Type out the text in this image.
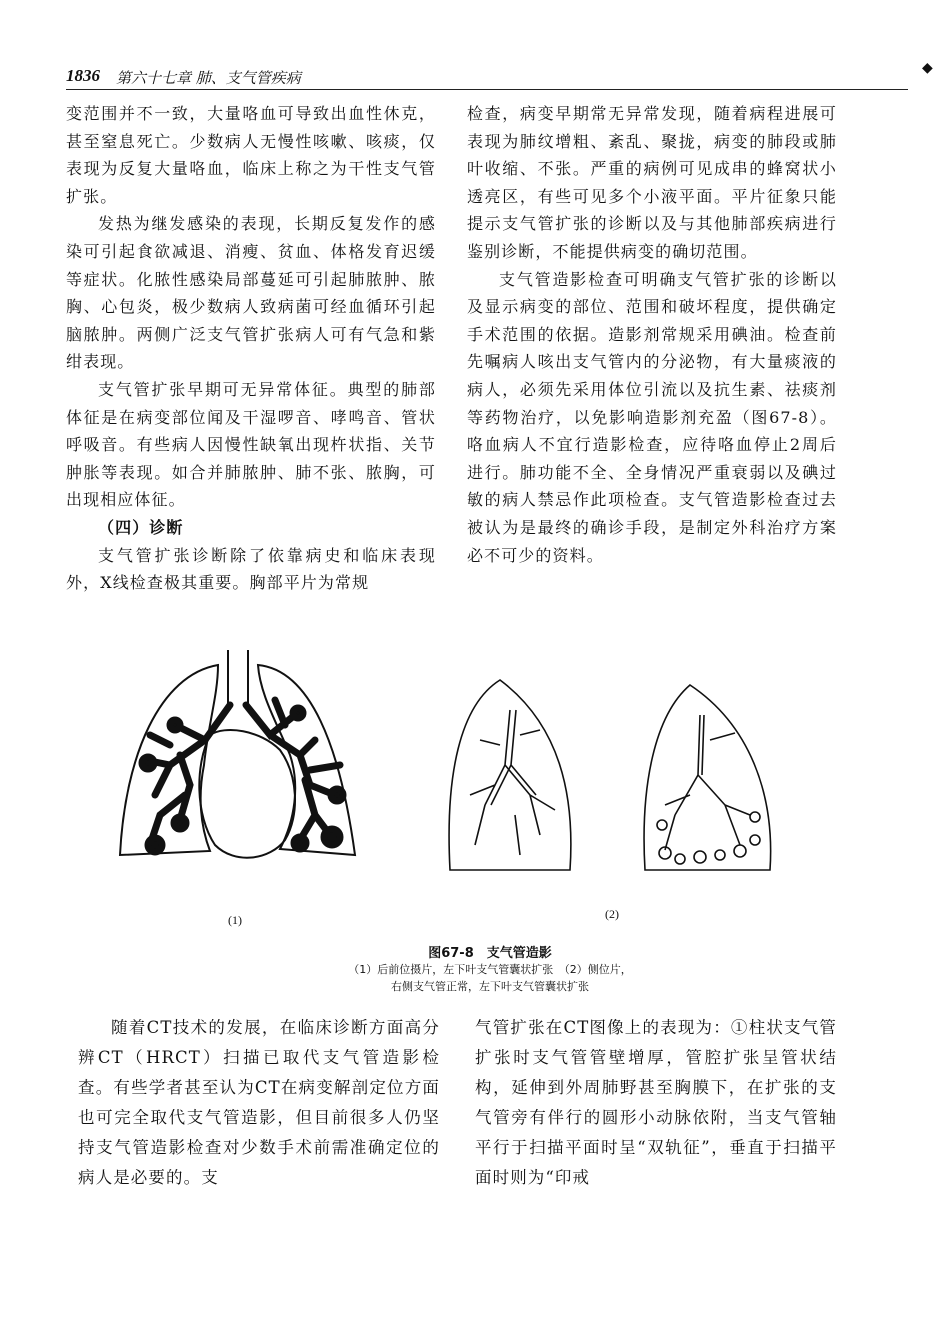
1836 第六十七章 肺、支气管疾病
◆

变范围并不一致，大量咯血可导致出血性休克，甚至窒息死亡。少数病人无慢性咳嗽、咳痰，仅表现为反复大量咯血，临床上称之为干性支气管扩张。

发热为继发感染的表现，长期反复发作的感染可引起食欲减退、消瘦、贫血、体格发育迟缓等症状。化脓性感染局部蔓延可引起肺脓肿、脓胸、心包炎，极少数病人致病菌可经血循环引起脑脓肿。两侧广泛支气管扩张病人可有气急和紫绀表现。

支气管扩张早期可无异常体征。典型的肺部体征是在病变部位闻及干湿啰音、哮鸣音、管状呼吸音。有些病人因慢性缺氧出现杵状指、关节肿胀等表现。如合并肺脓肿、肺不张、脓胸，可出现相应体征。

（四）诊断

支气管扩张诊断除了依靠病史和临床表现外，X线检查极其重要。胸部平片为常规

检查，病变早期常无异常发现，随着病程进展可表现为肺纹增粗、紊乱、聚拢，病变的肺段或肺叶收缩、不张。严重的病例可见成串的蜂窝状小透亮区，有些可见多个小液平面。平片征象只能提示支气管扩张的诊断以及与其他肺部疾病进行鉴别诊断，不能提供病变的确切范围。

支气管造影检查可明确支气管扩张的诊断以及显示病变的部位、范围和破坏程度，提供确定手术范围的依据。造影剂常规采用碘油。检查前先嘱病人咳出支气管内的分泌物，有大量痰液的病人，必须先采用体位引流以及抗生素、祛痰剂等药物治疗，以免影响造影剂充盈（图67-8）。咯血病人不宜行造影检查，应待咯血停止2周后进行。肺功能不全、全身情况严重衰弱以及碘过敏的病人禁忌作此项检查。支气管造影检查过去被认为是最终的确诊手段，是制定外科治疗方案必不可少的资料。

(1)	(2)
图67-8　支气管造影
（1）后前位摄片，左下叶支气管囊状扩张　（2）侧位片，
右侧支气管正常，左下叶支气管囊状扩张

随着CT技术的发展，在临床诊断方面高分辨CT（HRCT）扫描已取代支气管造影检查。有些学者甚至认为CT在病变解剖定位方面也可完全取代支气管造影，但目前很多人仍坚持支气管造影检查对少数手术前需准确定位的病人是必要的。支

气管扩张在CT图像上的表现为：①柱状支气管扩张时支气管管壁增厚，管腔扩张呈管状结构，延伸到外周肺野甚至胸膜下，在扩张的支气管旁有伴行的圆形小动脉依附，当支气管轴平行于扫描平面时呈“双轨征”，垂直于扫描平面时则为“印戒
